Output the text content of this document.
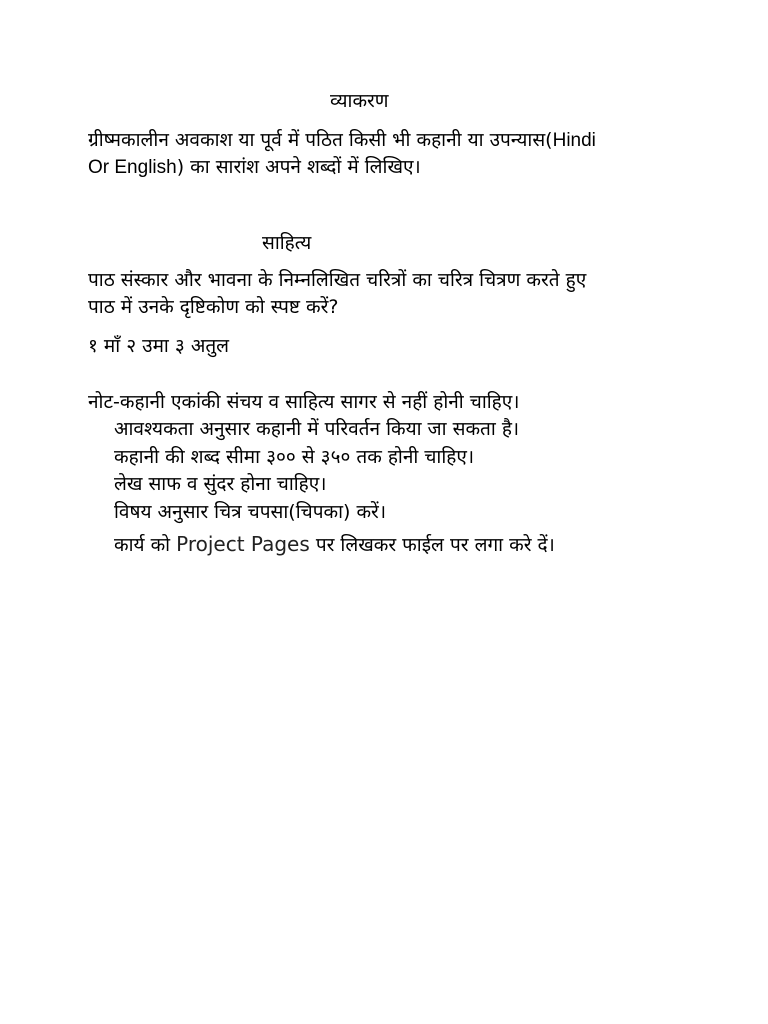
व्याकरण
ग्रीष्मकालीन अवकाश या पूर्व में पठित किसी भी कहानी या उपन्यास(Hindi
Or English) का सारांश अपने शब्दों में लिखिए।
साहित्य
पाठ संस्कार और भावना के निम्नलिखित चरित्रों का चरित्र चित्रण करते हुए
पाठ में उनके दृष्टिकोण को स्पष्ट करें?
१ माँ २ उमा ३ अतुल
नोट-कहानी एकांकी संचय व साहित्य सागर से नहीं होनी चाहिए।
आवश्यकता अनुसार कहानी में परिवर्तन किया जा सकता है।
कहानी की शब्द सीमा ३०० से ३५० तक होनी चाहिए।
लेख साफ व सुंदर होना चाहिए।
विषय अनुसार चित्र चपसा(चिपका) करें।
कार्य को Project Pages पर लिखकर फाईल पर लगा करे दें।
